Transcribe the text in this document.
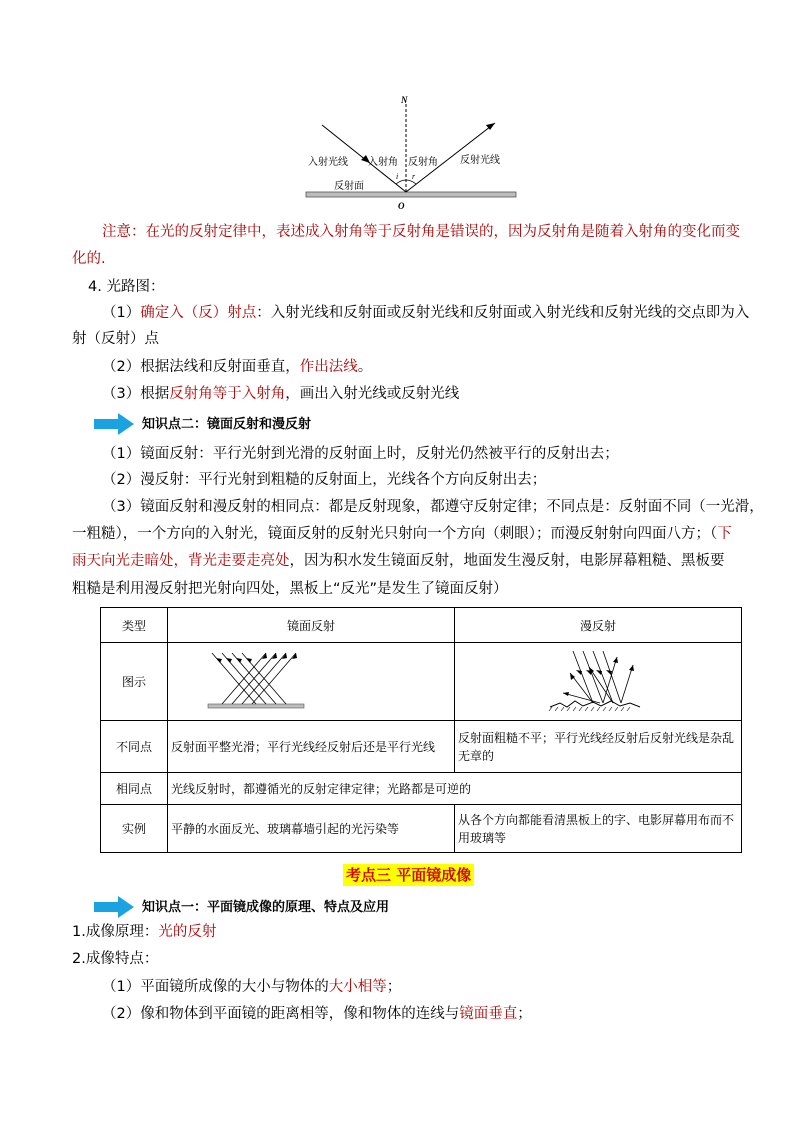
N
O
i r
入射光线 入射角 反射角 反射光线
反射面
注意：在光的反射定律中，表述成入射角等于反射角是错误的，因为反射角是随着入射角的变化而变
化的.
4. 光路图：
（1）确定入（反）射点：入射光线和反射面或反射光线和反射面或入射光线和反射光线的交点即为入
射（反射）点
（2）根据法线和反射面垂直，作出法线。
（3）根据反射角等于入射角，画出入射光线或反射光线
知识点二：镜面反射和漫反射
（1）镜面反射：平行光射到光滑的反射面上时，反射光仍然被平行的反射出去；
（2）漫反射：平行光射到粗糙的反射面上，光线各个方向反射出去；
（3）镜面反射和漫反射的相同点：都是反射现象，都遵守反射定律；不同点是：反射面不同（一光滑，
一粗糙），一个方向的入射光，镜面反射的反射光只射向一个方向（刺眼）；而漫反射射向四面八方；（下
雨天向光走暗处，背光走要走亮处，因为积水发生镜面反射，地面发生漫反射，电影屏幕粗糙、黑板要
粗糙是利用漫反射把光射向四处，黑板上“反光”是发生了镜面反射）
类型	镜面反射	漫反射
图示		
不同点	反射面平整光滑；平行光线经反射后还是平行光线	反射面粗糙不平；平行光线经反射后反射光线是杂乱无章的
相同点	光线反射时，都遵循光的反射定律定律；光路都是可逆的	
实例	平静的水面反光、玻璃幕墙引起的光污染等	从各个方向都能看清黑板上的字、电影屏幕用布而不用玻璃等
考点三 平面镜成像
知识点一：平面镜成像的原理、特点及应用
1.成像原理：光的反射
2.成像特点：
（1）平面镜所成像的大小与物体的大小相等；
（2）像和物体到平面镜的距离相等，像和物体的连线与镜面垂直；
